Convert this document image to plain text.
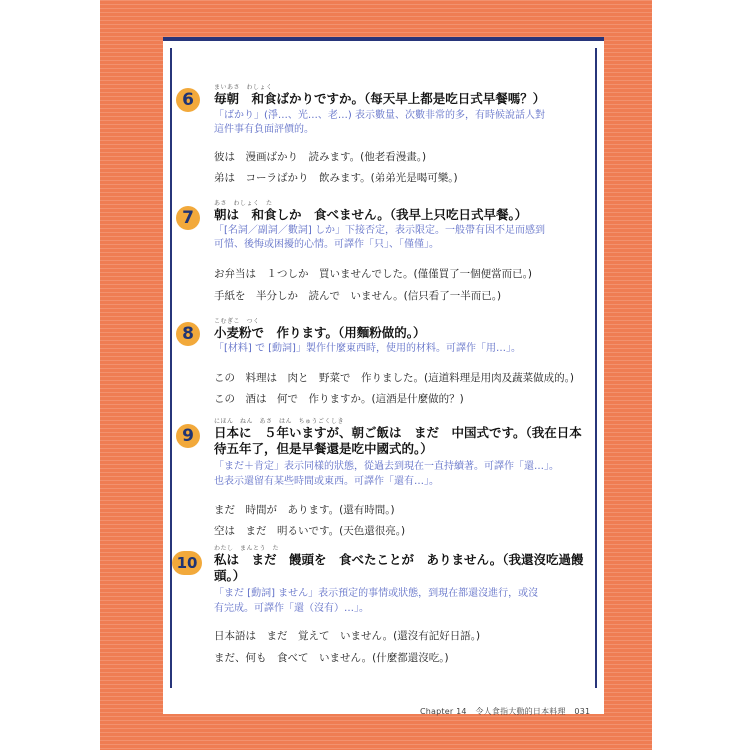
6
まいあさ　わしょく
毎朝　和食ばかりですか。（每天早上都是吃日式早餐嗎？）
「ばかり」(淨…、光…、老…) 表示數量、次數非常的多，有時候說話人對
這件事有負面評價的。
彼は　漫画ばかり　読みます。(他老看漫畫。)
弟は　コーラばかり　飲みます。(弟弟光是喝可樂。)
7
あさ　わしょく　た
朝は　和食しか　食べません。（我早上只吃日式早餐。）
「[名詞／副詞／數詞] しか」下接否定，表示限定。一般帶有因不足而感到
可惜、後悔或困擾的心情。可譯作「只」、「僅僅」。
お弁当は　１つしか　買いませんでした。(僅僅買了一個便當而已。)
手紙を　半分しか　読んで　いません。(信只看了一半而已。)
8
こむぎこ　つく
小麦粉で　作ります。（用麵粉做的。）
「[材料] で [動詞]」製作什麼東西時，使用的材料。可譯作「用…」。
この　料理は　肉と　野菜で　作りました。(這道料理是用肉及蔬菜做成的。)
この　酒は　何で　作りますか。(這酒是什麼做的？)
9
にほん　ねん　あさ　はん　ちゅうごくしき
日本に　５年いますが、朝ご飯は　まだ　中国式です。（我在日本
待五年了，但是早餐還是吃中國式的。）
「まだ＋肯定」表示同樣的狀態，從過去到現在一直持續著。可譯作「還…」。
也表示還留有某些時間或東西。可譯作「還有…」。
まだ　時間が　あります。(還有時間。)
空は　まだ　明るいです。(天色還很亮。)
10
わたし　まんとう　た
私は　まだ　饅頭を　食べたことが　ありません。（我還沒吃過饅
頭。）
「まだ [動詞] ません」表示預定的事情或狀態，到現在都還沒進行，或沒
有完成。可譯作「還（沒有）…」。
日本語は　まだ　覚えて　いません。(還沒有記好日語。)
まだ、何も　食べて　いません。(什麼都還沒吃。)
Chapter 14 令人食指大動的日本料理 031
